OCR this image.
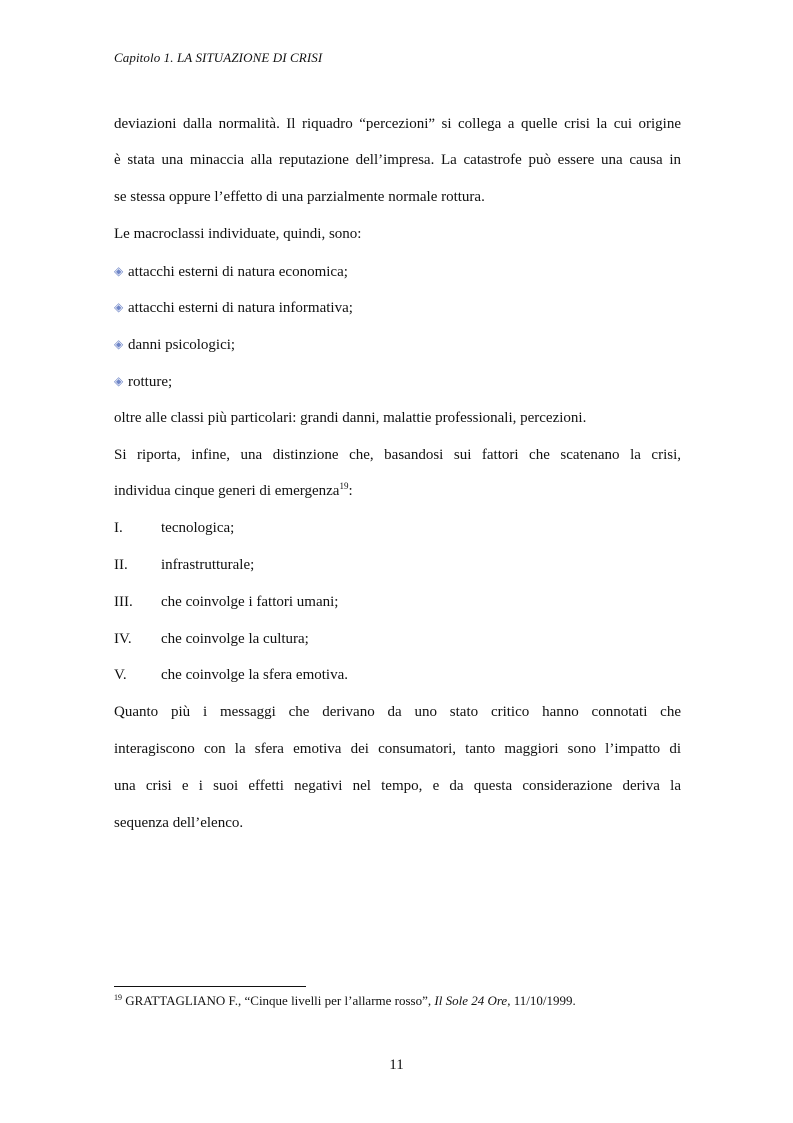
Capitolo 1. LA SITUAZIONE DI CRISI
deviazioni dalla normalità. Il riquadro “percezioni” si collega a quelle crisi la cui origine
è stata una minaccia alla reputazione dell’impresa. La catastrofe può essere una causa in
se stessa oppure l’effetto di una parzialmente normale rottura.
Le macroclassi individuate, quindi, sono:
◈ attacchi esterni di natura economica;
◈ attacchi esterni di natura informativa;
◈ danni psicologici;
◈ rotture;
oltre alle classi più particolari: grandi danni, malattie professionali, percezioni.
Si riporta, infine, una distinzione che, basandosi sui fattori che scatenano la crisi,
individua cinque generi di emergenza$^{19}$:
I.	tecnologica;
II. infrastrutturale;
III. che coinvolge i fattori umani;
IV. che coinvolge la cultura;
V. che coinvolge la sfera emotiva.
Quanto più i messaggi che derivano da uno stato critico hanno connotati che
interagiscono con la sfera emotiva dei consumatori, tanto maggiori sono l’impatto di
una crisi e i suoi effetti negativi nel tempo, e da questa considerazione deriva la
sequenza dell’elenco.
$^{19}$ GRATTAGLIANO F., “Cinque livelli per l’allarme rosso”, Il Sole 24 Ore, 11/10/1999.
11
